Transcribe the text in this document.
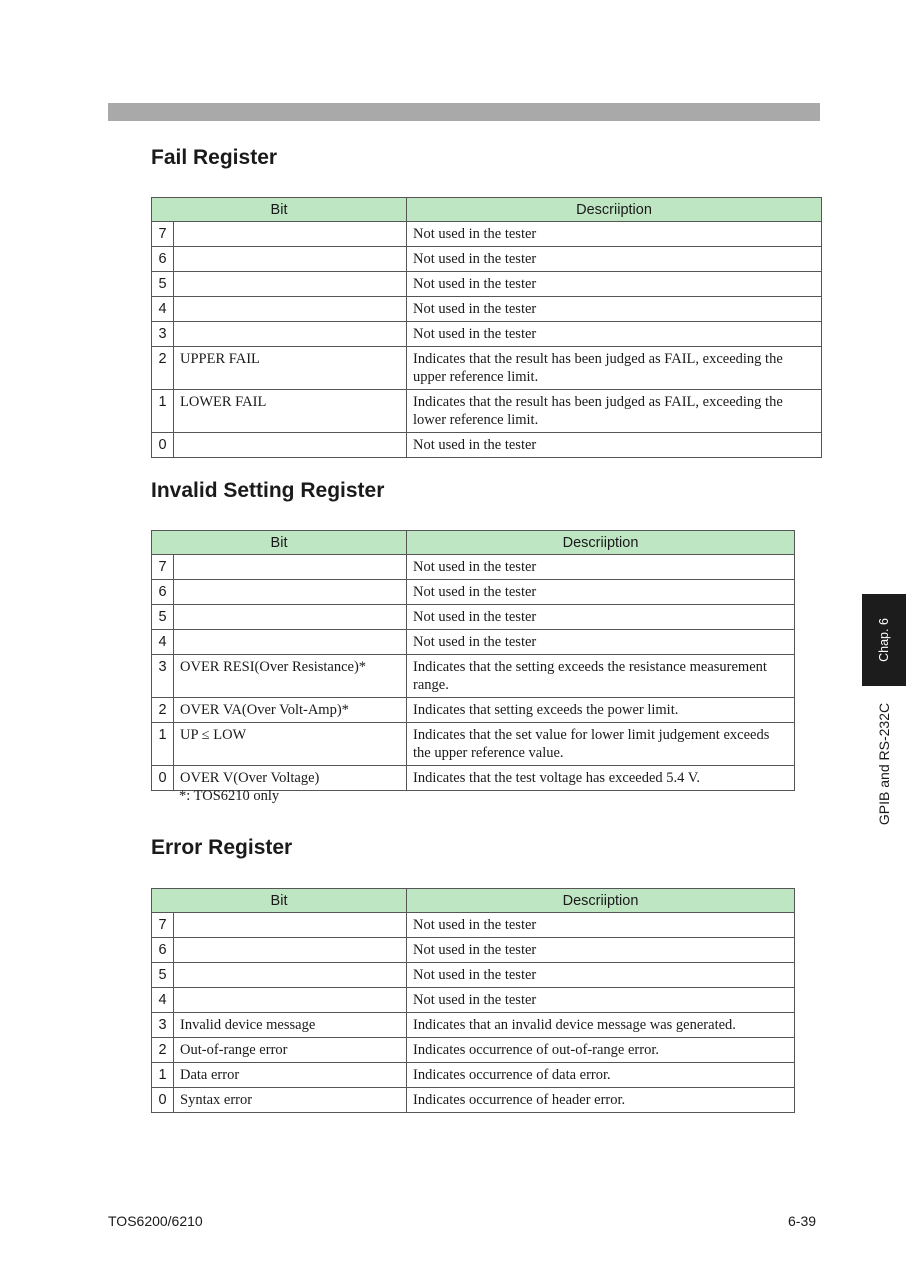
Fail Register
Bit		Descriiption
7		Not used in the tester
6		Not used in the tester
5		Not used in the tester
4		Not used in the tester
3		Not used in the tester
2	UPPER FAIL	Indicates that the result has been judged as FAIL, exceeding the upper reference limit.
1	LOWER FAIL	Indicates that the result has been judged as FAIL, exceeding the lower reference limit.
0		Not used in the tester
Invalid Setting Register
Bit		Descriiption
7		Not used in the tester
6		Not used in the tester
5		Not used in the tester
4		Not used in the tester
3	OVER RESI(Over Resistance)*	Indicates that the setting exceeds the resistance measurement range.
2	OVER VA(Over Volt-Amp)*	Indicates that setting exceeds the power limit.
1	UP ≤ LOW	Indicates that the set value for lower limit judgement exceeds the upper reference value.
0	OVER V(Over Voltage)	Indicates that the test voltage has exceeded 5.4 V.
*: TOS6210 only
Error Register
Bit		Descriiption
7		Not used in the tester
6		Not used in the tester
5		Not used in the tester
4		Not used in the tester
3	Invalid device message	Indicates that an invalid device message was generated.
2	Out-of-range error	Indicates occurrence of out-of-range error.
1	Data error	Indicates occurrence of data error.
0	Syntax error	Indicates occurrence of header error.
Chap. 6
GPIB and RS-232C
TOS6200/6210	6-39
